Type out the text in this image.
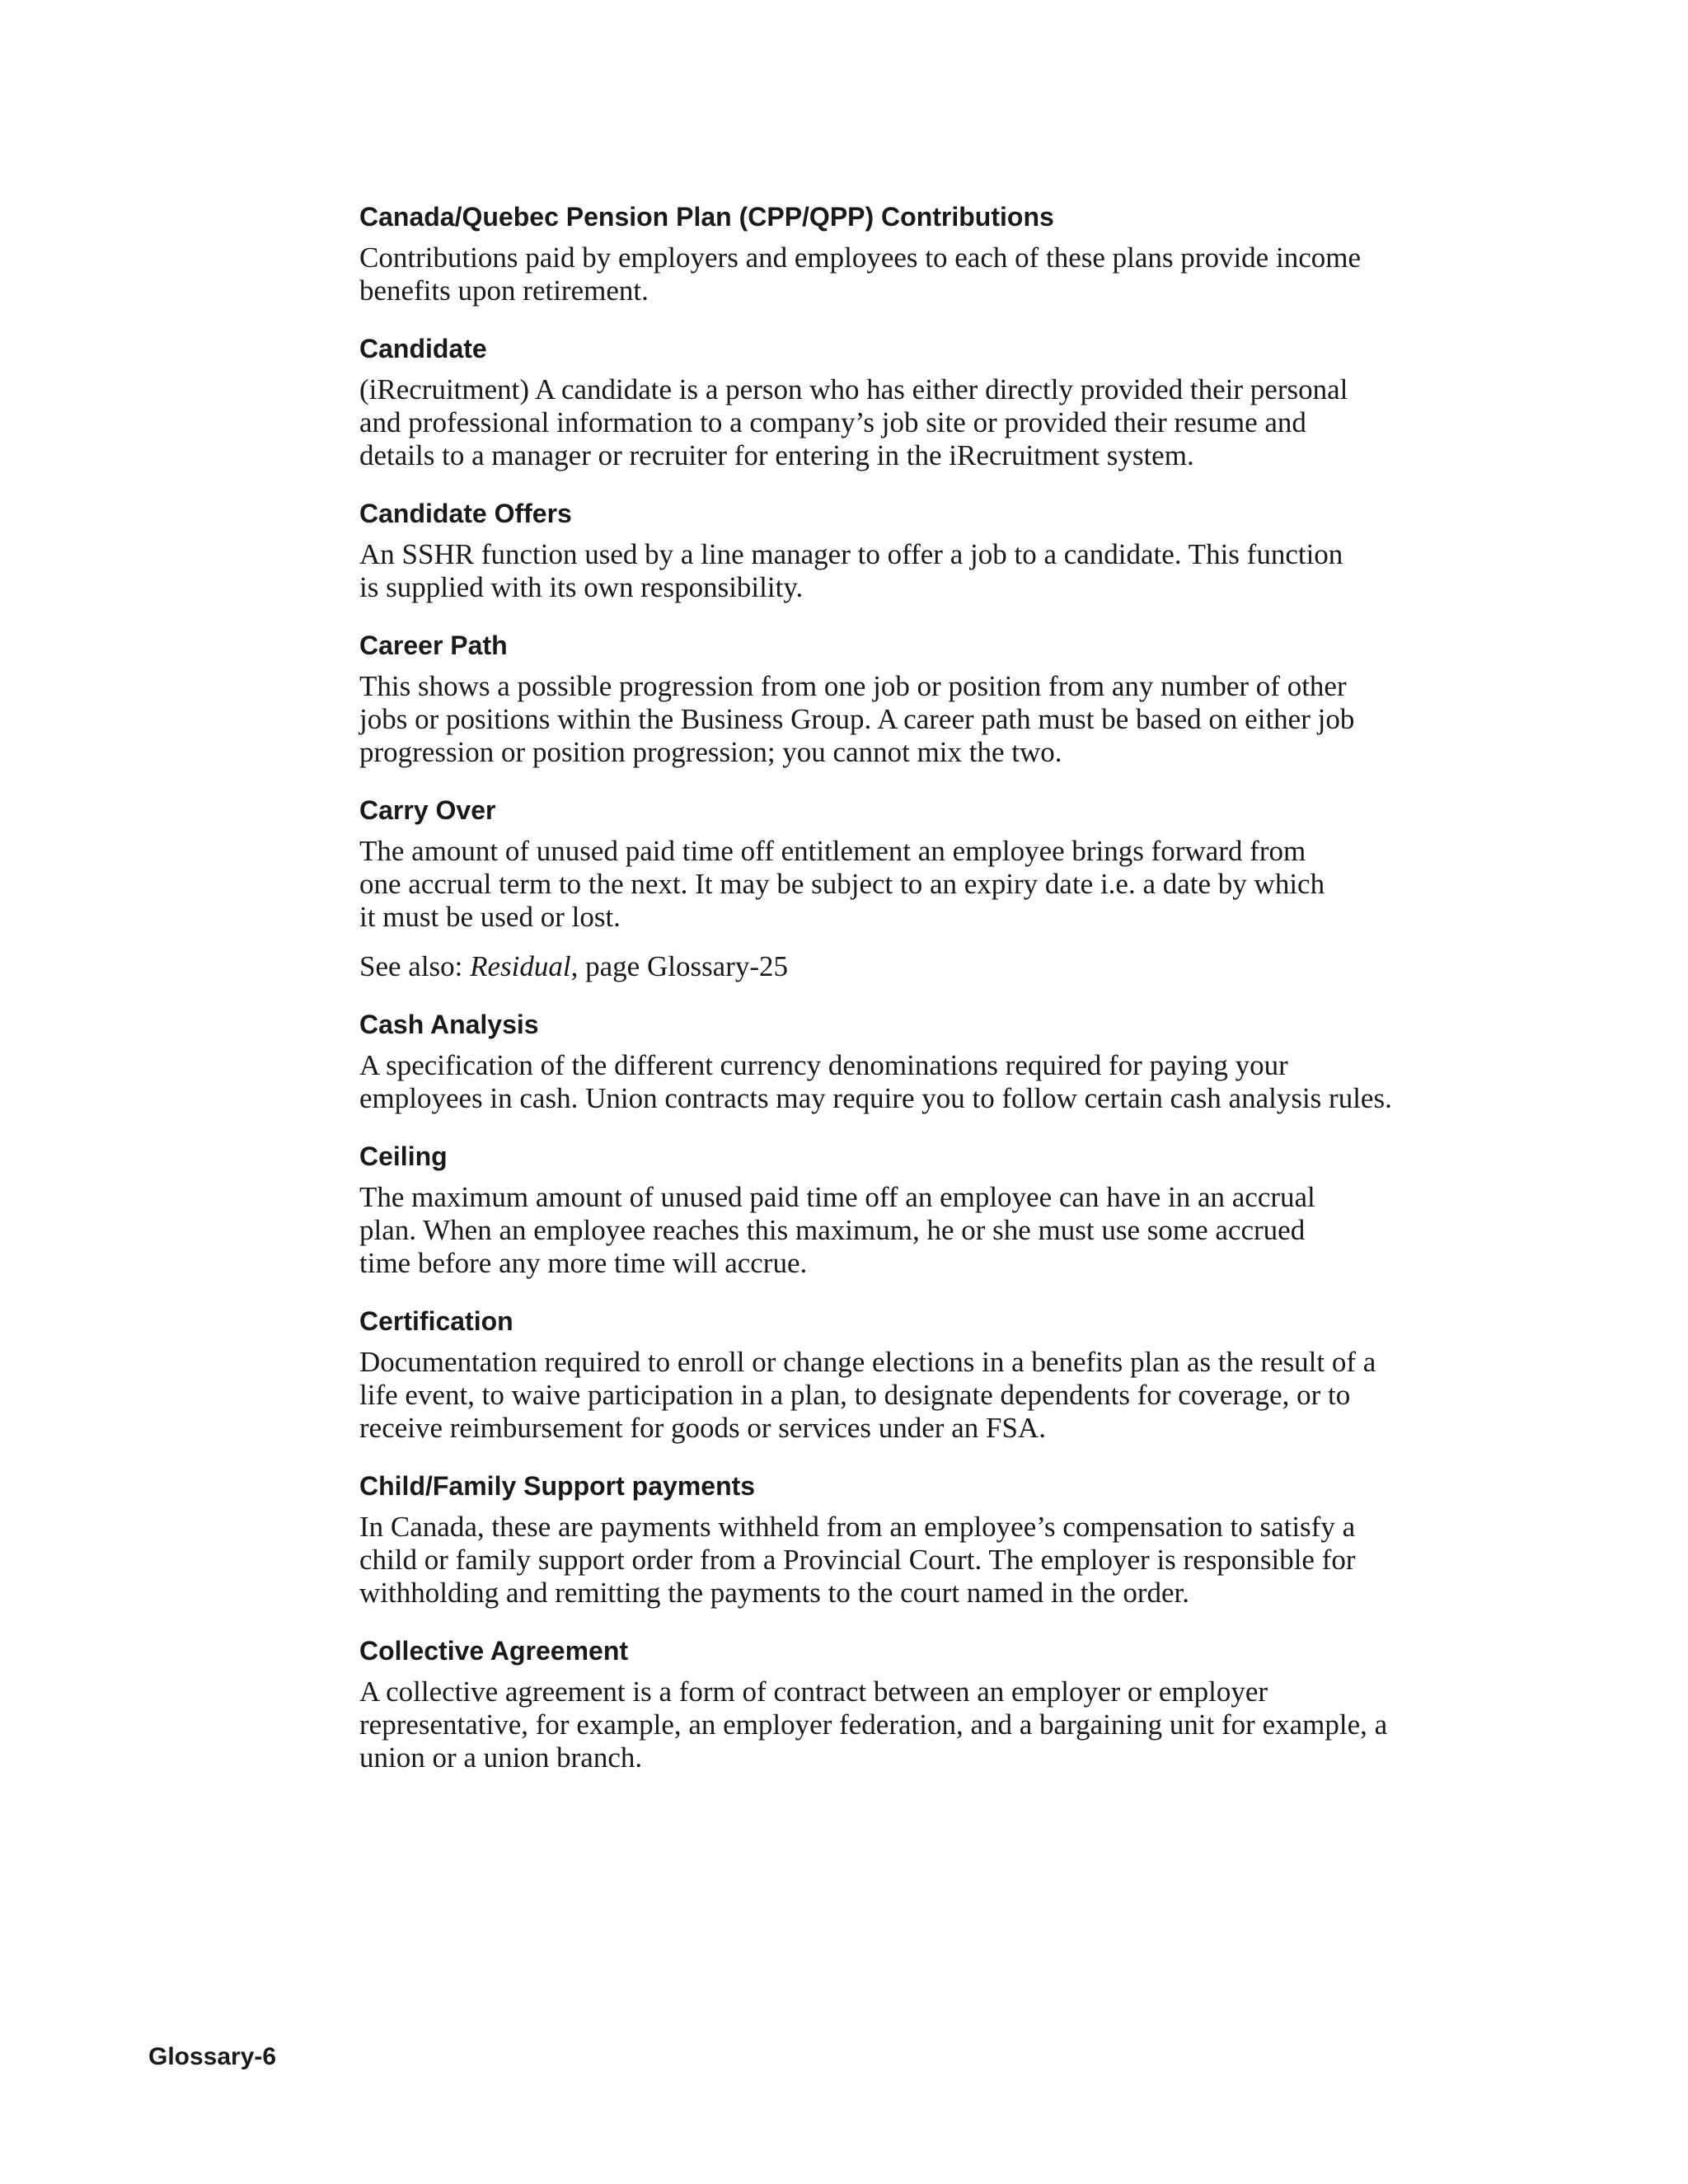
Canada/Quebec Pension Plan (CPP/QPP) Contributions
Contributions paid by employers and employees to each of these plans provide income
benefits upon retirement.
Candidate
(iRecruitment) A candidate is a person who has either directly provided their personal
and professional information to a company’s job site or provided their resume and
details to a manager or recruiter for entering in the iRecruitment system.
Candidate Offers
An SSHR function used by a line manager to offer a job to a candidate. This function
is supplied with its own responsibility.
Career Path
This shows a possible progression from one job or position from any number of other
jobs or positions within the Business Group. A career path must be based on either job
progression or position progression; you cannot mix the two.
Carry Over
The amount of unused paid time off entitlement an employee brings forward from
one accrual term to the next. It may be subject to an expiry date i.e. a date by which
it must be used or lost.
See also: Residual, page Glossary-25
Cash Analysis
A specification of the different currency denominations required for paying your
employees in cash. Union contracts may require you to follow certain cash analysis rules.
Ceiling
The maximum amount of unused paid time off an employee can have in an accrual
plan. When an employee reaches this maximum, he or she must use some accrued
time before any more time will accrue.
Certification
Documentation required to enroll or change elections in a benefits plan as the result of a
life event, to waive participation in a plan, to designate dependents for coverage, or to
receive reimbursement for goods or services under an FSA.
Child/Family Support payments
In Canada, these are payments withheld from an employee’s compensation to satisfy a
child or family support order from a Provincial Court. The employer is responsible for
withholding and remitting the payments to the court named in the order.
Collective Agreement
A collective agreement is a form of contract between an employer or employer
representative, for example, an employer federation, and a bargaining unit for example, a
union or a union branch.
Glossary-6
